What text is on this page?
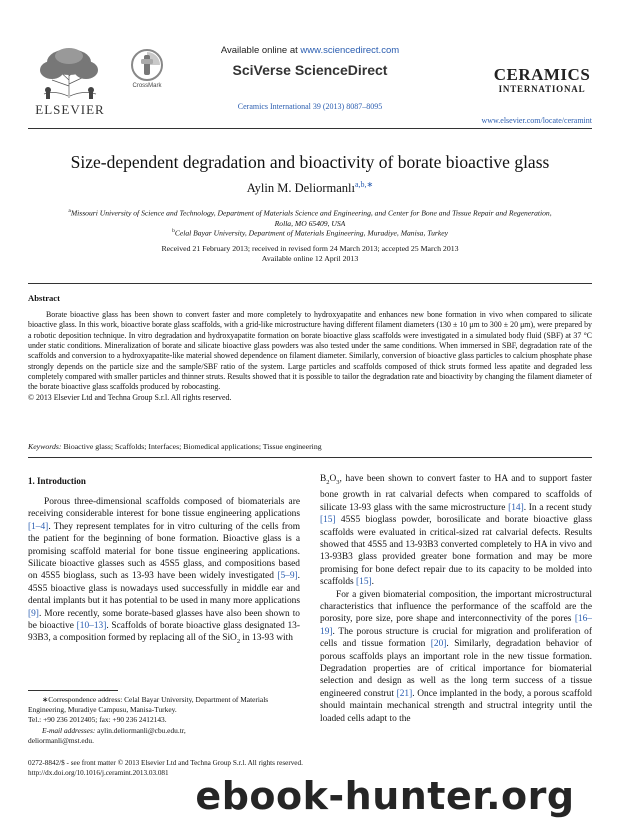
ELSEVIER
CrossMark
Available online at www.sciencedirect.com
SciVerse ScienceDirect
Ceramics International 39 (2013) 8087–8095
CERAMICS
INTERNATIONAL
www.elsevier.com/locate/ceramint
Size-dependent degradation and bioactivity of borate bioactive glass
Aylin M. Deliormanlı$^{a,b,∗}$
$^a$Missouri University of Science and Technology, Department of Materials Science and Engineering, and Center for Bone and Tissue Repair and Regeneration, Rolla, MO 65409, USA
$^b$Celal Bayar University, Department of Materials Engineering, Muradiye, Manisa, Turkey
Received 21 February 2013; received in revised form 24 March 2013; accepted 25 March 2013
Available online 12 April 2013
Abstract
Borate bioactive glass has been shown to convert faster and more completely to hydroxyapatite and enhances new bone formation in vivo when compared to silicate bioactive glass. In this work, bioactive borate glass scaffolds, with a grid-like microstructure having different filament diameters (130 ± 10 μm to 300 ± 20 μm), were prepared by a robotic deposition technique. In vitro degradation and hydroxyapatite formation on borate bioactive glass scaffolds were investigated in a simulated body fluid (SBF) at 37 °C under static conditions. Mineralization of borate and silicate bioactive glass powders was also tested under the same conditions. When immersed in SBF, degradation rate of the scaffolds and conversion to a hydroxyapatite-like material showed dependence on filament diameter. Similarly, conversion of bioactive glass particles to calcium phosphate phase strongly depends on the particle size and the sample/SBF ratio of the system. Large particles and scaffolds composed of thick struts formed less apatite and degraded less completely compared with smaller particles and thinner struts. Results showed that it is possible to tailor the degradation rate and bioactivity by changing the filament diameter of the borate bioactive glass scaffolds produced by robocasting.
© 2013 Elsevier Ltd and Techna Group S.r.l. All rights reserved.
Keywords: Bioactive glass; Scaffolds; Interfaces; Biomedical applications; Tissue engineering
1. Introduction

Porous three-dimensional scaffolds composed of biomaterials are receiving considerable interest for bone tissue engineering applications [1–4]. They represent templates for in vitro culturing of the cells from the patient for the beginning of bone formation. Bioactive glass is a promising scaffold material for bone tissue engineering applications. Silicate bioactive glasses such as 45S5 glass, and compositions based on 45S5 bioglass, such as 13-93 have been widely investigated [5–9]. 45S5 bioactive glass is nowadays used successfully in middle ear and dental implants but it has potential to be used in many more applications [9]. More recently, some borate-based glasses have also been shown to be bioactive [10–13]. Scaffolds of borate bioactive glass designated 13-93B3, a composition formed by replacing all of the SiO$_2$ in 13-93 with

$B_2O_3$, have been shown to convert faster to HA and to support faster bone growth in rat calvarial defects when compared to scaffolds of silicate 13-93 glass with the same microstructure [14]. In a recent study [15] 45S5 bioglass powder, borosilicate and borate bioactive glass scaffolds were evaluated in critical-sized rat calvarial defects. Results showed that 45S5 and 13-93B3 converted completely to HA in vivo and 13-93B3 glass provided greater bone formation and may be more promising for bone defect repair due to its capacity to be molded into scaffolds [15].

For a given biomaterial composition, the important microstructural characteristics that influence the performance of the scaffold are the porosity, pore size, pore shape and interconnectivity of the pores [16–19]. The porous structure is crucial for migration and proliferation of cells and tissue formation [20]. Similarly, degradation behavior of porous scaffolds plays an important role in the new tissue formation. Degradation properties are of critical importance for biomaterial selection and design as well as the long term success of a tissue engineered construt [21]. Once implanted in the body, a porous scaffold should maintain mechanical strength and structral integrity until the loaded cells adapt to the

∗Correspondence address: Celal Bayar University, Department of Materials Engineering, Muradiye Campusu, Manisa-Turkey.

Tel.: +90 236 2012405; fax: +90 236 2412143.

E-mail addresses: aylin.deliormanli@cbu.edu.tr,

deliormanli@mst.edu.
0272-8842/$ - see front matter © 2013 Elsevier Ltd and Techna Group S.r.l. All rights reserved.
http://dx.doi.org/10.1016/j.ceramint.2013.03.081
ebook-hunter.org
